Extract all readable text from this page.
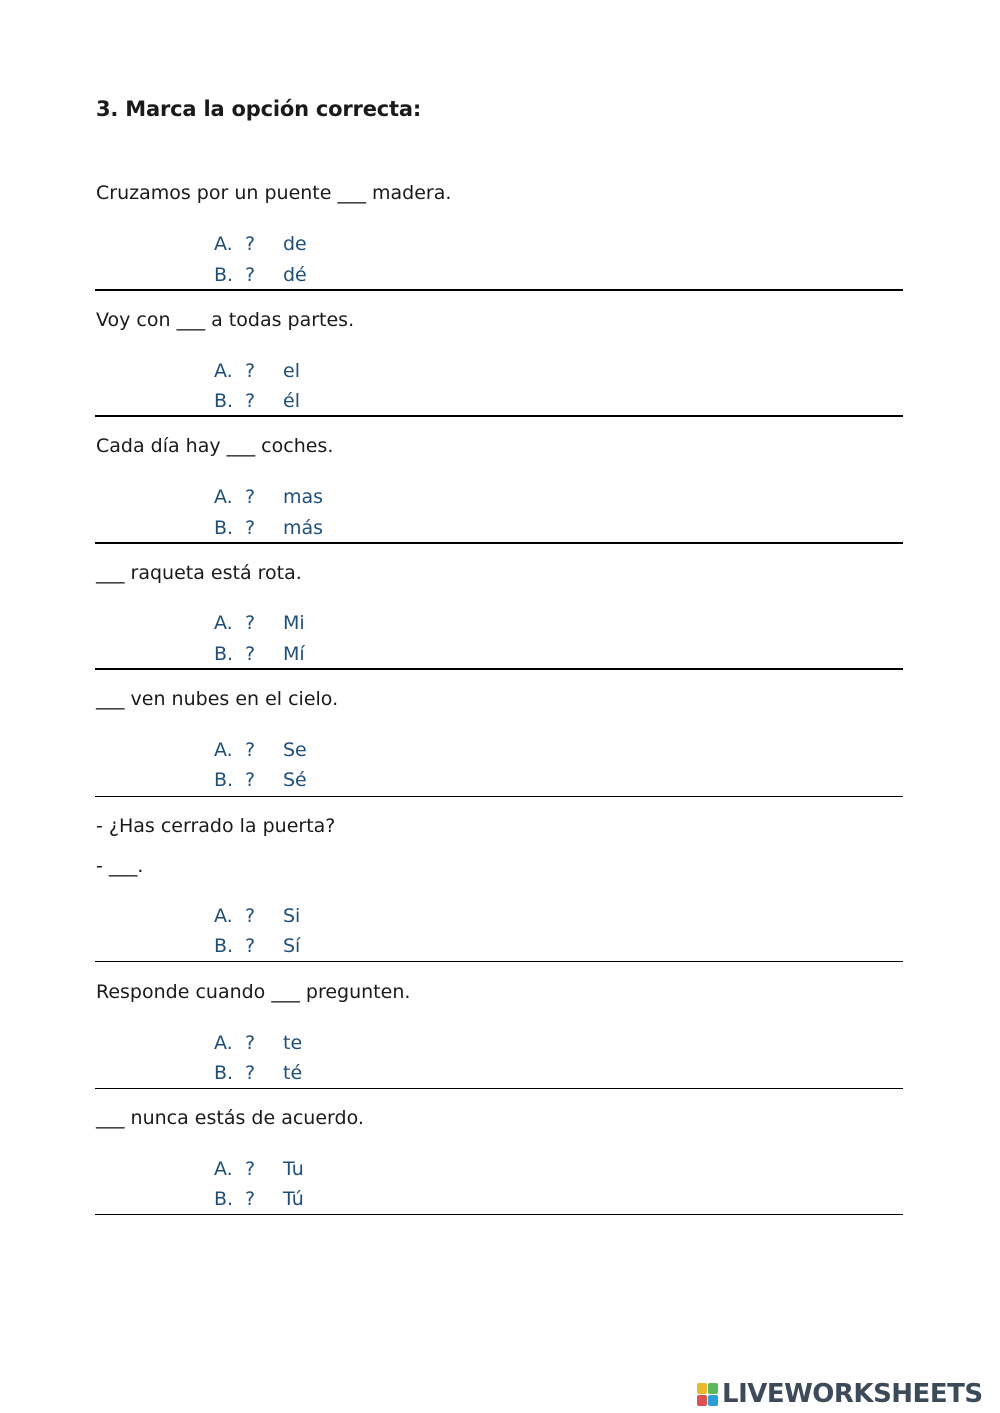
3. Marca la opción correcta:
Cruzamos por un puente ___ madera.
A. ? de
B. ? dé
Voy con ___ a todas partes.
A. ? el
B. ? él
Cada día hay ___ coches.
A. ? mas
B. ? más
___ raqueta está rota.
A. ? Mi
B. ? Mí
___ ven nubes en el cielo.
A. ? Se
B. ? Sé
- ¿Has cerrado la puerta?
- ___.
A. ? Si
B. ? Sí
Responde cuando ___ pregunten.
A. ? te
B. ? té
___ nunca estás de acuerdo.
A. ? Tu
B. ? Tú
LIVEWORKSHEETS
